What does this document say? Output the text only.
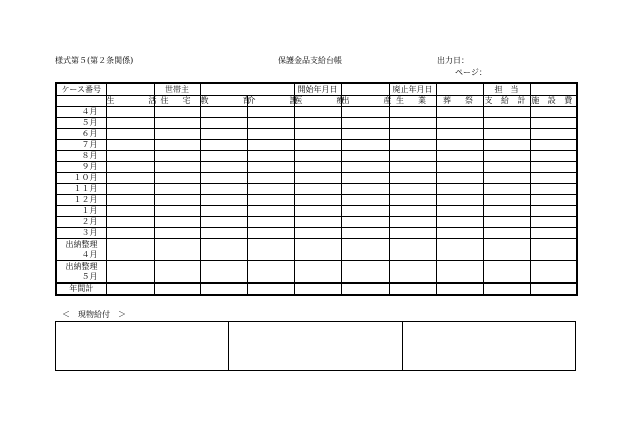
様式第５(第２条関係)	保護金品支給台帳	出力日：
ページ：
ケース番号		世帯主			開始年月日		廃止年月日		担　当	
	生　　活	住　宅	教　　育	介　　護	医　　療	出　　産	生　業	葬　祭	支 給 計	施 設 費

４月										

５月										

６月										

７月										

８月										

９月										

１０月										

１１月										

１２月										

１月										

２月										

３月										

出納整理
４月										

出納整理
５月										

年間計										
＜　現物給付　＞
